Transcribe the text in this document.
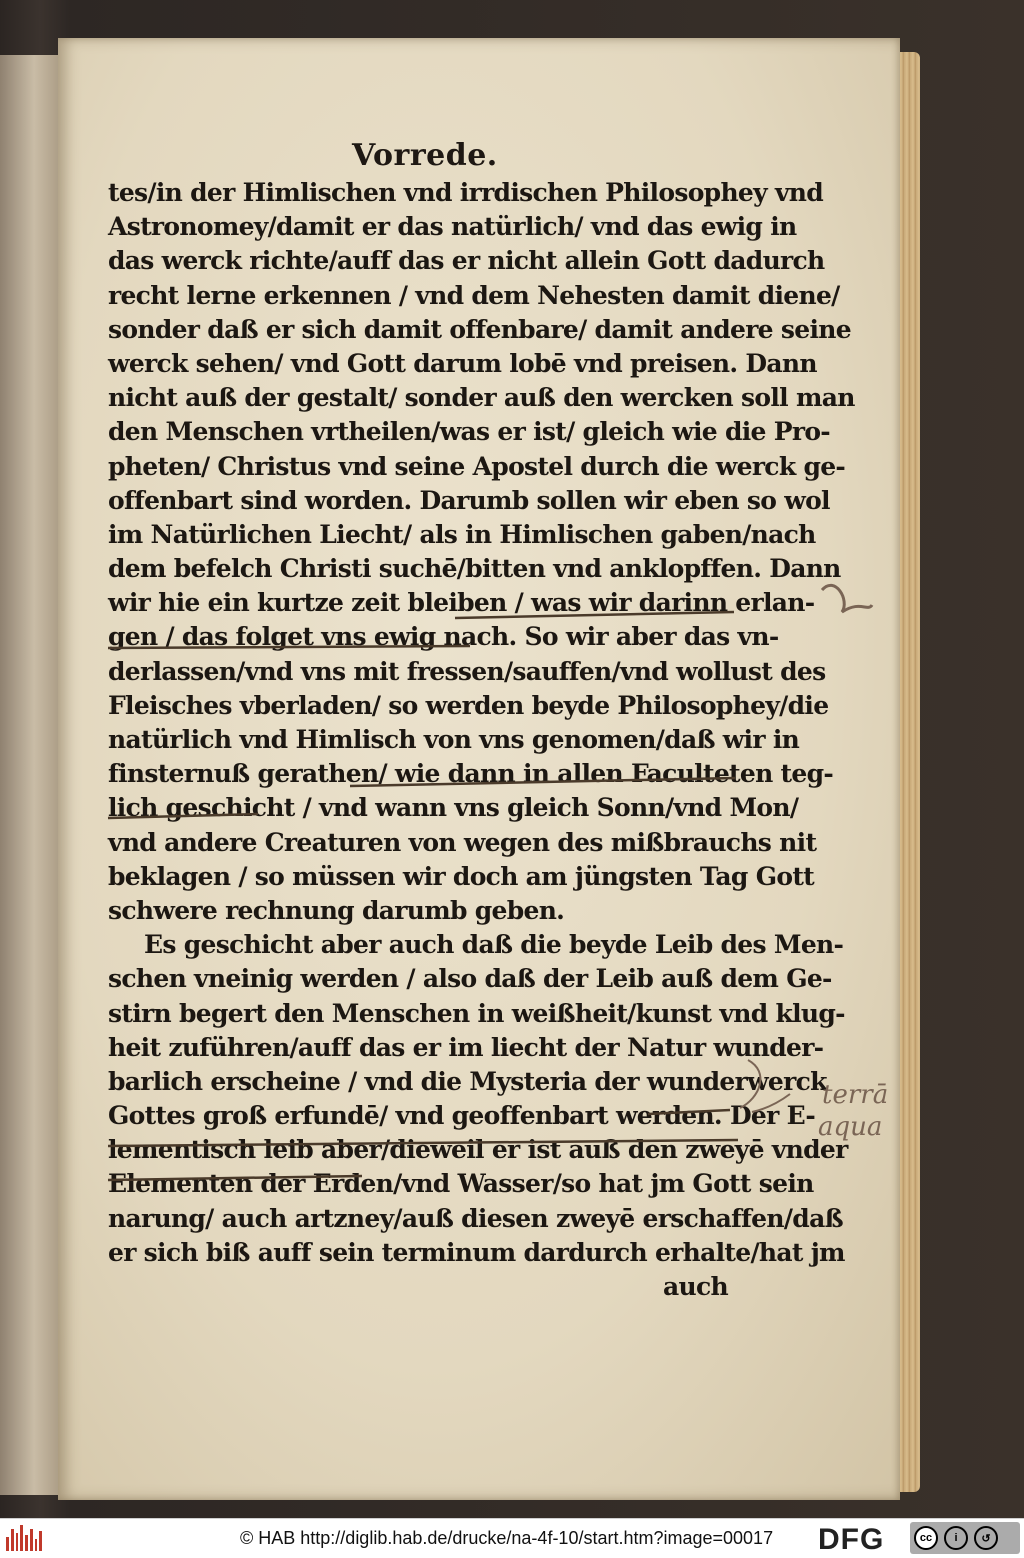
Vorrede.
tes/in der Himlischen vnd irrdischen Philosophey vnd
Astronomey/damit er das natürlich/ vnd das ewig in
das werck richte/auff das er nicht allein Gott dadurch
recht lerne erkennen / vnd dem Nehesten damit diene/
sonder daß er sich damit offenbare/ damit andere seine
werck sehen/ vnd Gott darum lobē vnd preisen. Dann
nicht auß der gestalt/ sonder auß den wercken soll man
den Menschen vrtheilen/was er ist/ gleich wie die Pro-
pheten/ Christus vnd seine Apostel durch die werck ge-
offenbart sind worden. Darumb sollen wir eben so wol
im Natürlichen Liecht/ als in Himlischen gaben/nach
dem befelch Christi suchē/bitten vnd anklopffen. Dann
wir hie ein kurtze zeit bleiben / was wir darinn erlan-
gen / das folget vns ewig nach. So wir aber das vn-
derlassen/vnd vns mit fressen/sauffen/vnd wollust des
Fleisches vberladen/ so werden beyde Philosophey/die
natürlich vnd Himlisch von vns genomen/daß wir in
finsternuß gerathen/ wie dann in allen Faculteten teg-
lich geschicht / vnd wann vns gleich Sonn/vnd Mon/
vnd andere Creaturen von wegen des mißbrauchs nit
beklagen / so müssen wir doch am jüngsten Tag Gott
schwere rechnung darumb geben.
Es geschicht aber auch daß die beyde Leib des Men-
schen vneinig werden / also daß der Leib auß dem Ge-
stirn begert den Menschen in weißheit/kunst vnd klug-
heit zuführen/auff das er im liecht der Natur wunder-
barlich erscheine / vnd die Mysteria der wunderwerck
Gottes groß erfundē/ vnd geoffenbart werden. Der E-
lementisch leib aber/dieweil er ist auß den zweyē vnder
Elementen der Erden/vnd Wasser/so hat jm Gott sein
narung/ auch artzney/auß diesen zweyē erschaffen/daß
er sich biß auff sein terminum dardurch erhalte/hat jm
auch
terrā
aqua
© HAB http://diglib.hab.de/drucke/na-4f-10/start.htm?image=00017 DFG	cc	i	↺
